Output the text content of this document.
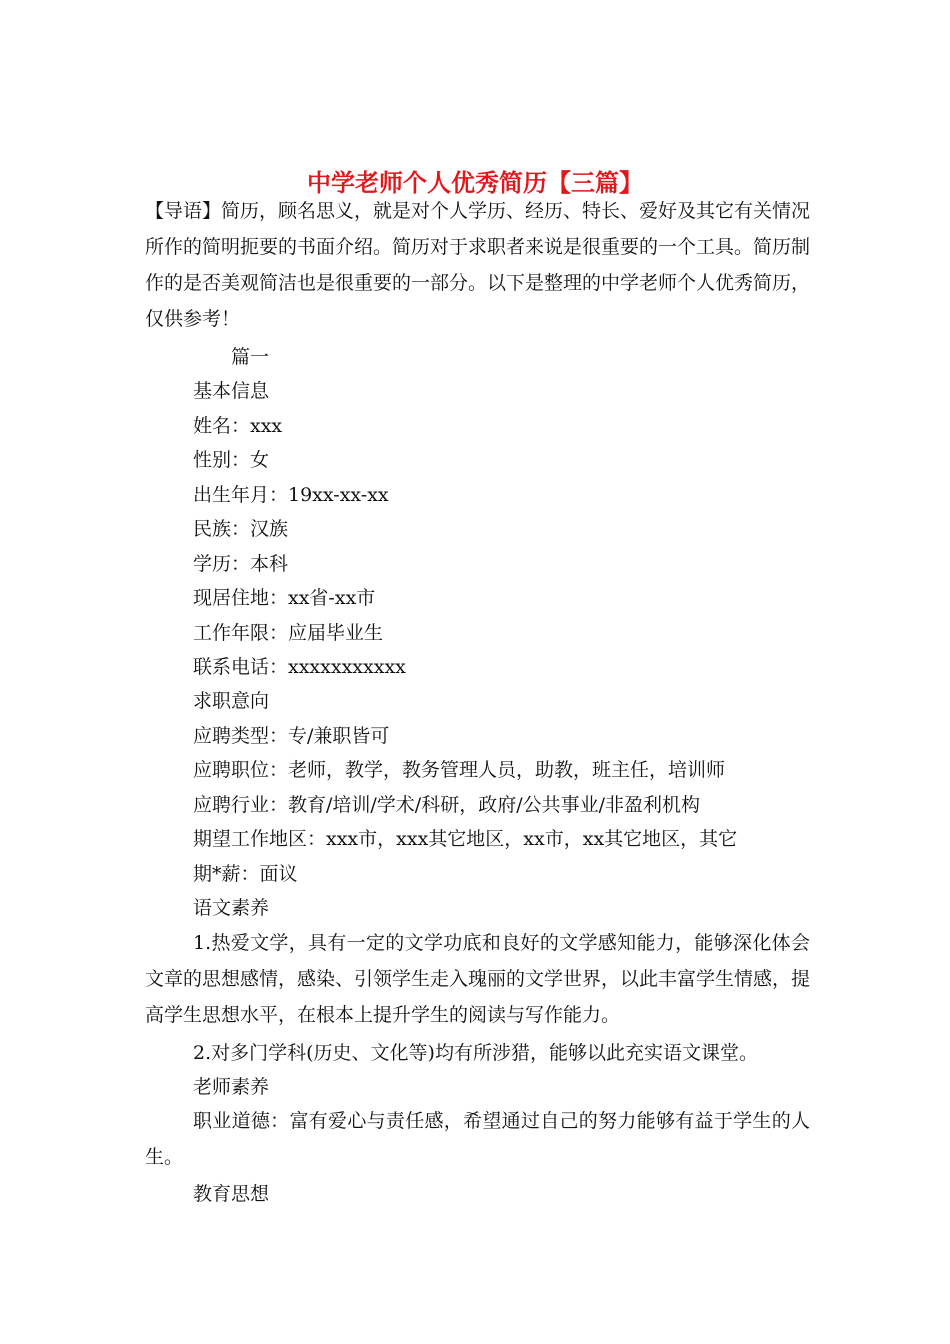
中学老师个人优秀简历【三篇】

【导语】简历，顾名思义，就是对个人学历、经历、特长、爱好及其它有关情况所作的简明扼要的书面介绍。简历对于求职者来说是很重要的一个工具。简历制作的是否美观简洁也是很重要的一部分。以下是整理的中学老师个人优秀简历，仅供参考！

篇一

基本信息

姓名：xxx

性别：女

出生年月：19xx-xx-xx

民族：汉族

学历：本科

现居住地：xx省-xx市

工作年限：应届毕业生

联系电话：xxxxxxxxxxx

求职意向

应聘类型：专/兼职皆可

应聘职位：老师，教学，教务管理人员，助教，班主任，培训师

应聘行业：教育/培训/学术/科研，政府/公共事业/非盈利机构

期望工作地区：xxx市，xxx其它地区，xx市，xx其它地区，其它

期*薪：面议

语文素养

1.热爱文学，具有一定的文学功底和良好的文学感知能力，能够深化体会文章的思想感情，感染、引领学生走入瑰丽的文学世界，以此丰富学生情感，提高学生思想水平，在根本上提升学生的阅读与写作能力。

2.对多门学科(历史、文化等)均有所涉猎，能够以此充实语文课堂。

老师素养

职业道德：富有爱心与责任感，希望通过自己的努力能够有益于学生的人生。

教育思想
